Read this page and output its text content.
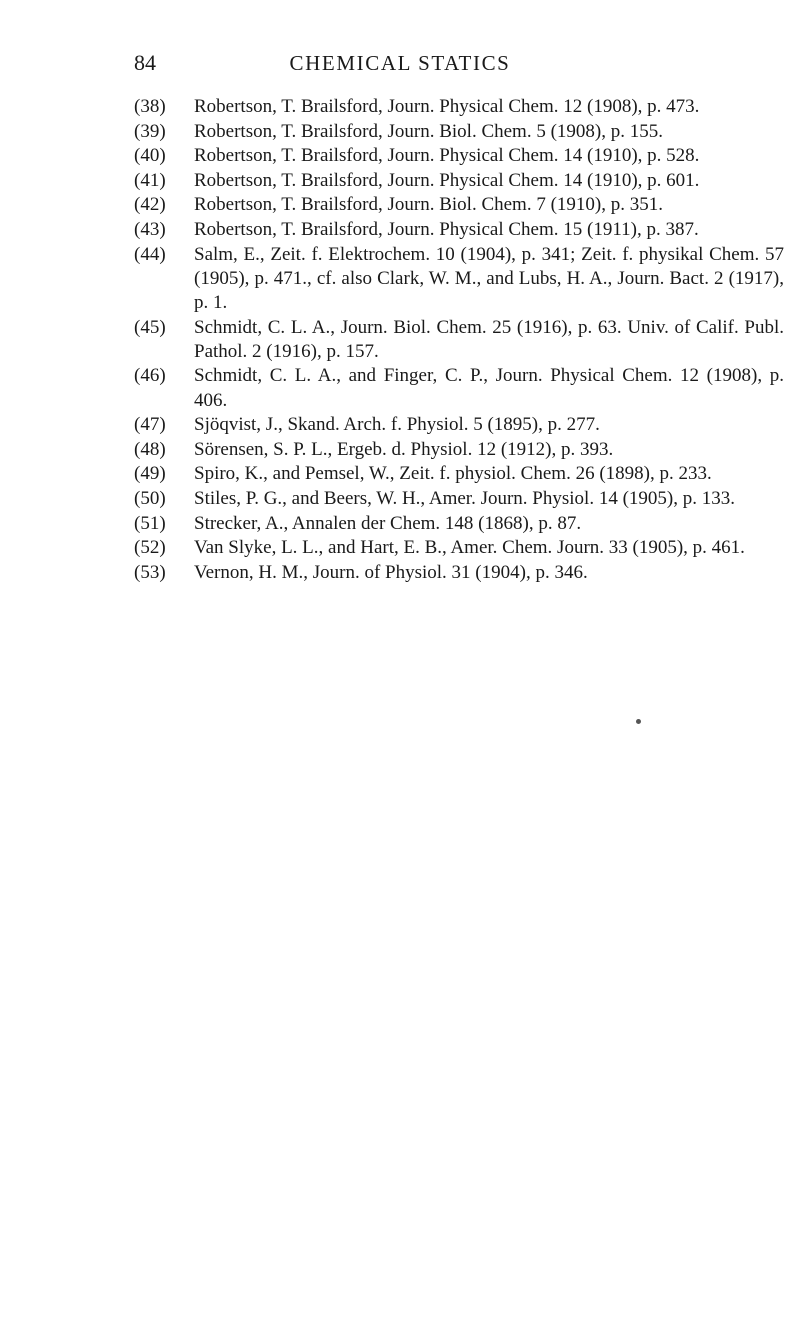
CHEMICAL STATICS
84
(38)	Robertson, T. Brailsford, Journ. Physical Chem. 12 (1908), p. 473.
(39)	Robertson, T. Brailsford, Journ. Biol. Chem. 5 (1908), p. 155.
(40)	Robertson, T. Brailsford, Journ. Physical Chem. 14 (1910), p. 528.
(41)	Robertson, T. Brailsford, Journ. Physical Chem. 14 (1910), p. 601.
(42)	Robertson, T. Brailsford, Journ. Biol. Chem. 7 (1910), p. 351.
(43)	Robertson, T. Brailsford, Journ. Physical Chem. 15 (1911), p. 387.
(44)	Salm, E., Zeit. f. Elektrochem. 10 (1904), p. 341; Zeit. f. physikal Chem. 57 (1905), p. 471., cf. also Clark, W. M., and Lubs, H. A., Journ. Bact. 2 (1917), p. 1.
(45)	Schmidt, C. L. A., Journ. Biol. Chem. 25 (1916), p. 63. Univ. of Calif. Publ. Pathol. 2 (1916), p. 157.
(46)	Schmidt, C. L. A., and Finger, C. P., Journ. Physical Chem. 12 (1908), p. 406.
(47)	Sjöqvist, J., Skand. Arch. f. Physiol. 5 (1895), p. 277.
(48)	Sörensen, S. P. L., Ergeb. d. Physiol. 12 (1912), p. 393.
(49)	Spiro, K., and Pemsel, W., Zeit. f. physiol. Chem. 26 (1898), p. 233.
(50)	Stiles, P. G., and Beers, W. H., Amer. Journ. Physiol. 14 (1905), p. 133.
(51)	Strecker, A., Annalen der Chem. 148 (1868), p. 87.
(52)	Van Slyke, L. L., and Hart, E. B., Amer. Chem. Journ. 33 (1905), p. 461.
(53)	Vernon, H. M., Journ. of Physiol. 31 (1904), p. 346.
